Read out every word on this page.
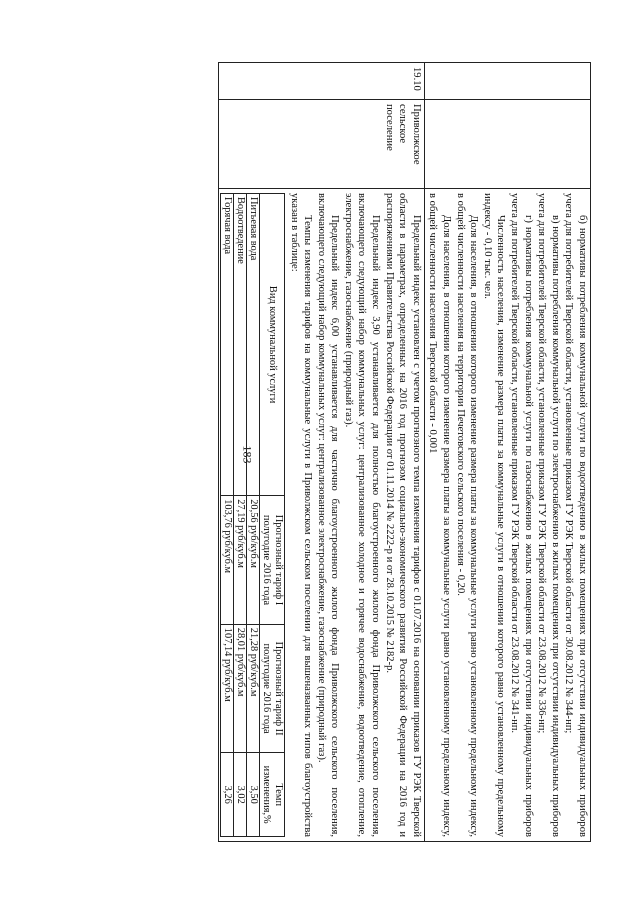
183
			б) нормативы потребления коммунальной услуги по водоотведению в жилых помещениях при отсутствии индивидуальных приборов учета для потребителей Тверской области, установленные приказом ГУ РЭК Тверской области от 30.08.2012 № 344-нп;

в) нормативы потребления коммунальной услуги по электроснабжению в жилых помещениях при отсутствии индивидуальных приборов учета для потребителей Тверской области, установленные приказом ГУ РЭК Тверской области от 23.08.2012 № 336-нп;

г) нормативы потребления коммунальной услуги по газоснабжению в жилых помещениях при отсутствии индивидуальных приборов учета для потребителей Тверской области, установленные приказом ГУ РЭК Тверской области от 23.08.2012 № 341-нп.

Численность населения, изменение размера платы за коммунальные услуги в отношении которого равно установленному предельному индексу - 0,10 тыс. чел.

Доля населения, в отношении которого изменение размера платы за коммунальные услуги равно установленному предельному индексу, в общей численности населения на территории Печетовского сельского поселения - 0,20.

Доля населения, в отношении которого изменение размера платы за коммунальные услуги равно установленному предельному индексу, в общей численности населения Тверской области - 0,001

19.10	Приволжское сельское поселение	

Предельный индекс установлен с учетом прогнозного темпа изменения тарифов с 01.07.2016 на основании приказов ГУ РЭК Тверской области в параметрах, определенных на 2016 год прогнозом социально-экономического развития Российской Федерации на 2016 год и распоряжениями Правительства Российской Федерации от 01.11.2014 № 2222-р и от 28.10.2015 № 2182-р.

Предельный индекс 3,90 устанавливается для полностью благоустроенного жилого фонда Приволжского сельского поселения, включающего следующий набор коммунальных услуг: централизованное холодное и горячее водоснабжение, водоотведение, отопление, электроснабжение, газоснабжение (природный газ).

Предельный индекс 6,00 устанавливается для частично благоустроенного жилого фонда Приволжского сельского поселения, включающего следующий набор коммунальных услуг: централизованное электроснабжение, газоснабжение (природный газ).

Темпы изменения тарифов на коммунальные услуги в Приволжском сельском поселении для вышеназванных типов благоустройства указан в таблице:

Вид коммунальной услуги	Прогнозный тариф I полугодие 2016 года	Прогнозный тариф II полугодие 2016 года	Темп изменения,%
Питьевая вода	20,56 руб/куб.м	21,28 руб/куб.м	3,50
Водоотведение	27,19 руб/куб.м	28,01 руб/куб.м	3,02
Горячая вода	103,76 руб/куб.м	107,14 руб/куб.м	3,26
